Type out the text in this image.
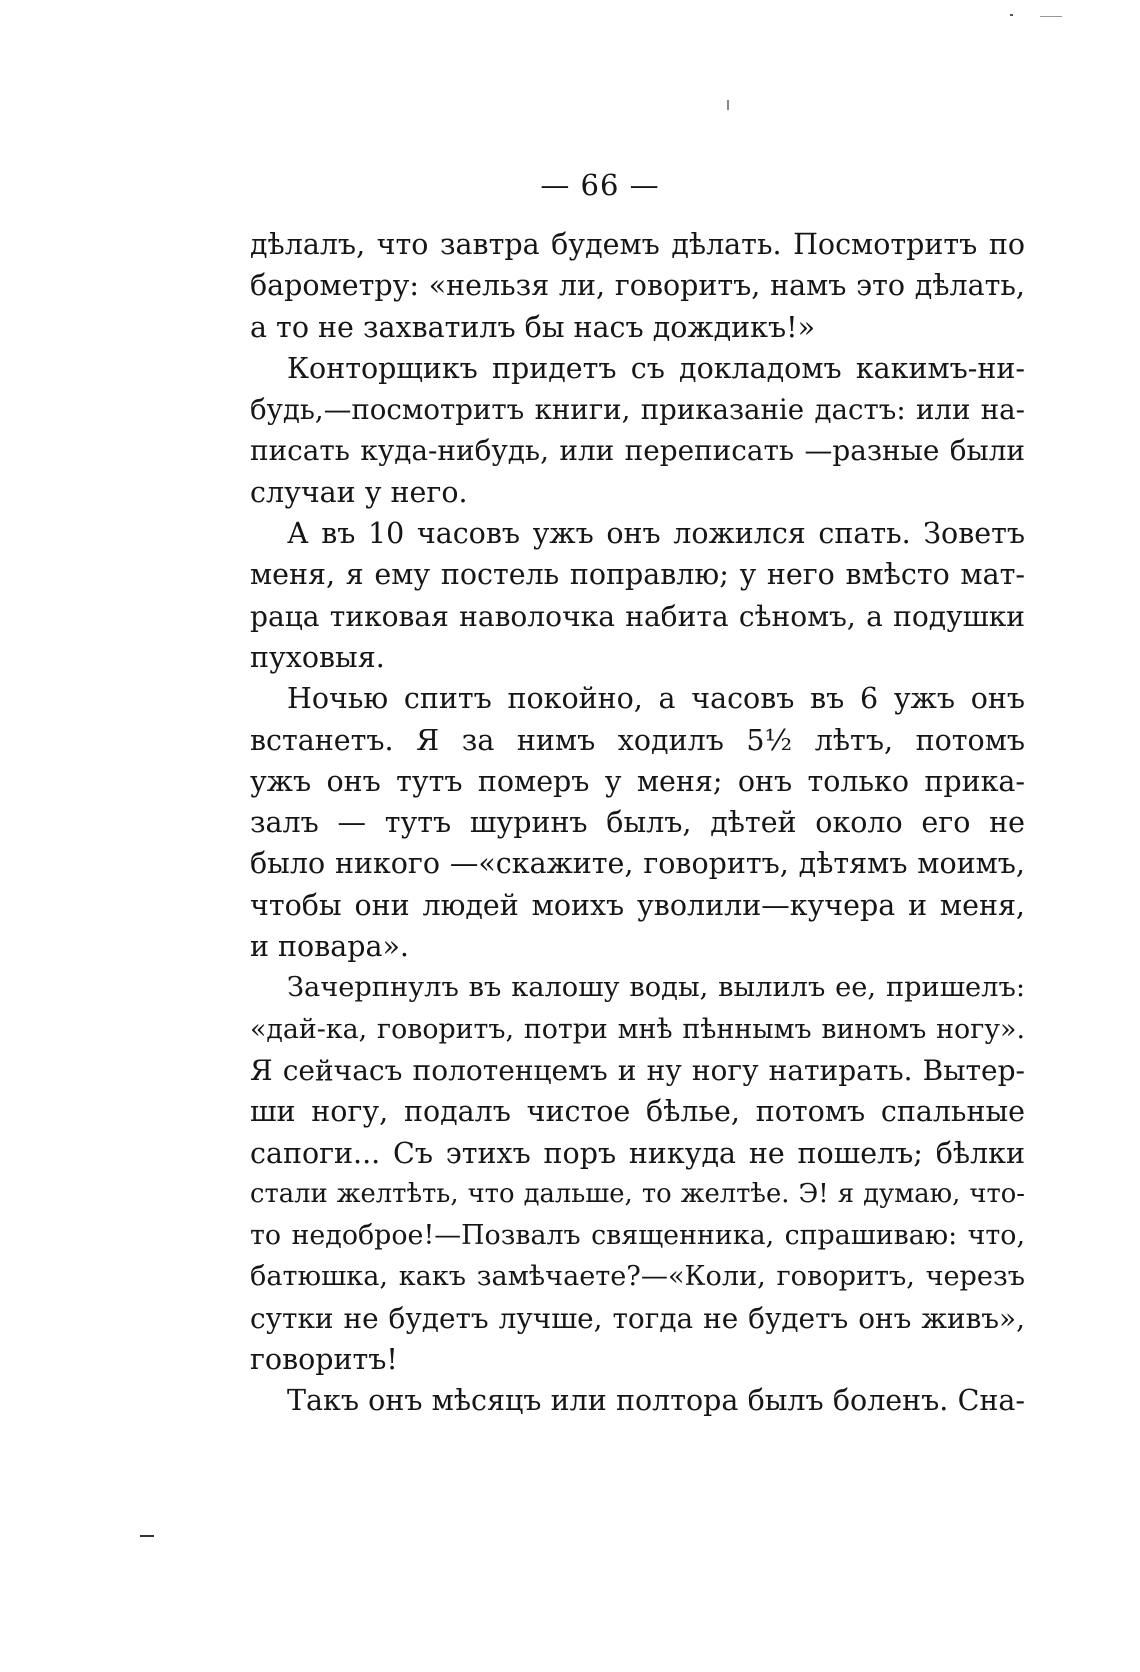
— 66 —
дѣлалъ, что завтра будемъ дѣлать. Посмотритъ по
барометру: «нельзя ли, говоритъ, намъ это дѣлать,
а то не захватилъ бы насъ дождикъ!»
Конторщикъ придетъ съ докладомъ какимъ-ни-
будь,—посмотритъ книги, приказаніе дастъ: или на-
писать куда-нибудь, или переписать —разные были
случаи у него.
А въ 10 часовъ ужъ онъ ложился спать. Зоветъ
меня, я ему постель поправлю; у него вмѣсто мат-
раца тиковая наволочка набита сѣномъ, а подушки
пуховыя.
Ночью спитъ покойно, а часовъ въ 6 ужъ онъ
встанетъ. Я за нимъ ходилъ 5½ лѣтъ, потомъ
ужъ онъ тутъ померъ у меня; онъ только прика-
залъ — тутъ шуринъ былъ, дѣтей около его не
было никого —«скажите, говоритъ, дѣтямъ моимъ,
чтобы они людей моихъ уволили—кучера и меня,
и повара».
Зачерпнулъ въ калошу воды, вылилъ ее, пришелъ:
«дай-ка, говоритъ, потри мнѣ пѣннымъ виномъ ногу».
Я сейчасъ полотенцемъ и ну ногу натирать. Вытер-
ши ногу, подалъ чистое бѣлье, потомъ спальные
сапоги... Съ этихъ поръ никуда не пошелъ; бѣлки
стали желтѣть, что дальше, то желтѣе. Э! я думаю, что-
то недоброе!—Позвалъ священника, спрашиваю: что,
батюшка, какъ замѣчаете?—«Коли, говоритъ, черезъ
сутки не будетъ лучше, тогда не будетъ онъ живъ»,
говоритъ!
Такъ онъ мѣсяцъ или полтора былъ боленъ. Сна-
